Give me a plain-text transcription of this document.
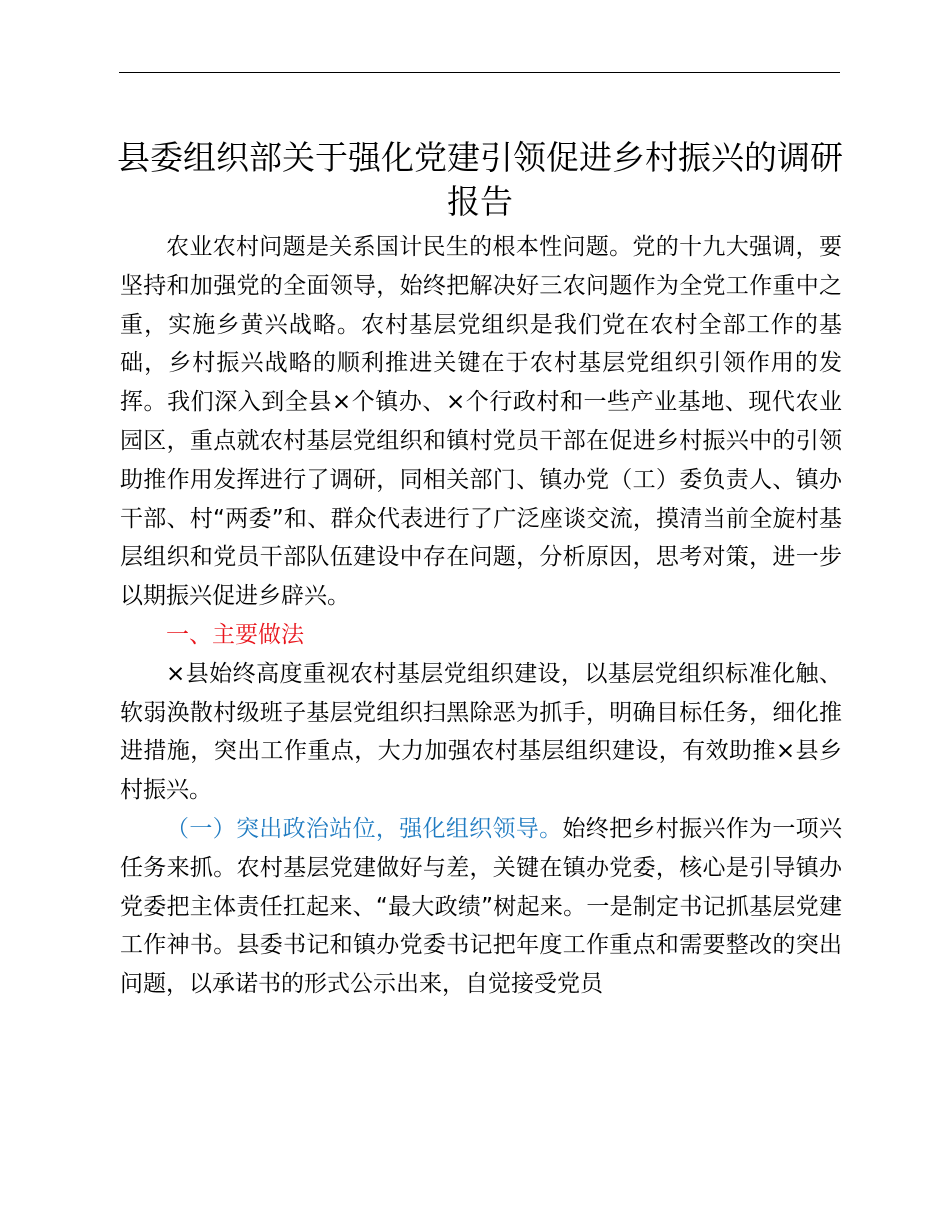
县委组织部关于强化党建引领促进乡村振兴的调研报告

农业农村问题是关系国计民生的根本性问题。党的十九大强调，要坚持和加强党的全面领导，始终把解决好三农问题作为全党工作重中之重，实施乡黄兴战略。农村基层党组织是我们党在农村全部工作的基础，乡村振兴战略的顺利推进关键在于农村基层党组织引领作用的发挥。我们深入到全县×个镇办、×个行政村和一些产业基地、现代农业园区，重点就农村基层党组织和镇村党员干部在促进乡村振兴中的引领助推作用发挥进行了调研，同相关部门、镇办党（工）委负责人、镇办干部、村“两委”和、群众代表进行了广泛座谈交流，摸清当前全旋村基层组织和党员干部队伍建设中存在问题，分析原因，思考对策，进一步以期振兴促进乡辟兴。

一、主要做法

×县始终高度重视农村基层党组织建设，以基层党组织标准化触、软弱涣散村级班子基层党组织扫黑除恶为抓手，明确目标任务，细化推进措施，突出工作重点，大力加强农村基层组织建设，有效助推×县乡村振兴。

（一）突出政治站位，强化组织领导。始终把乡村振兴作为一项兴任务来抓。农村基层党建做好与差，关键在镇办党委，核心是引导镇办党委把主体责任扛起来、“最大政绩”树起来。一是制定书记抓基层党建工作神书。县委书记和镇办党委书记把年度工作重点和需要整改的突出问题，以承诺书的形式公示出来，自觉接受党员
